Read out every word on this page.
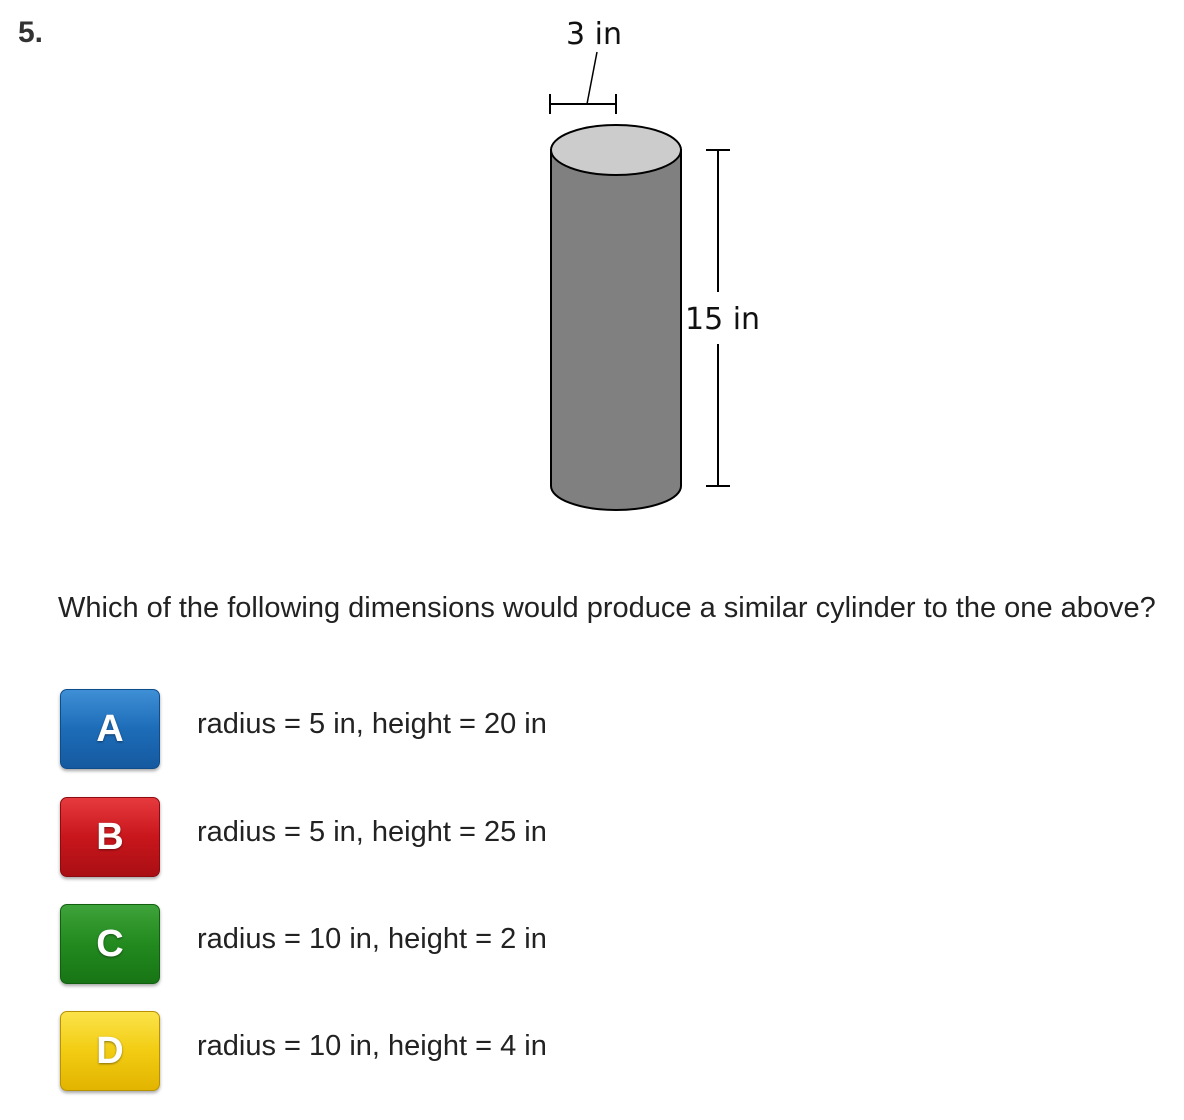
5.	3 in
15 in
Which of the following dimensions would produce a similar cylinder to the one above?
A	radius = 5 in, height = 20 in
B	radius = 5 in, height = 25 in
C	radius = 10 in, height = 2 in
D	radius = 10 in, height = 4 in
